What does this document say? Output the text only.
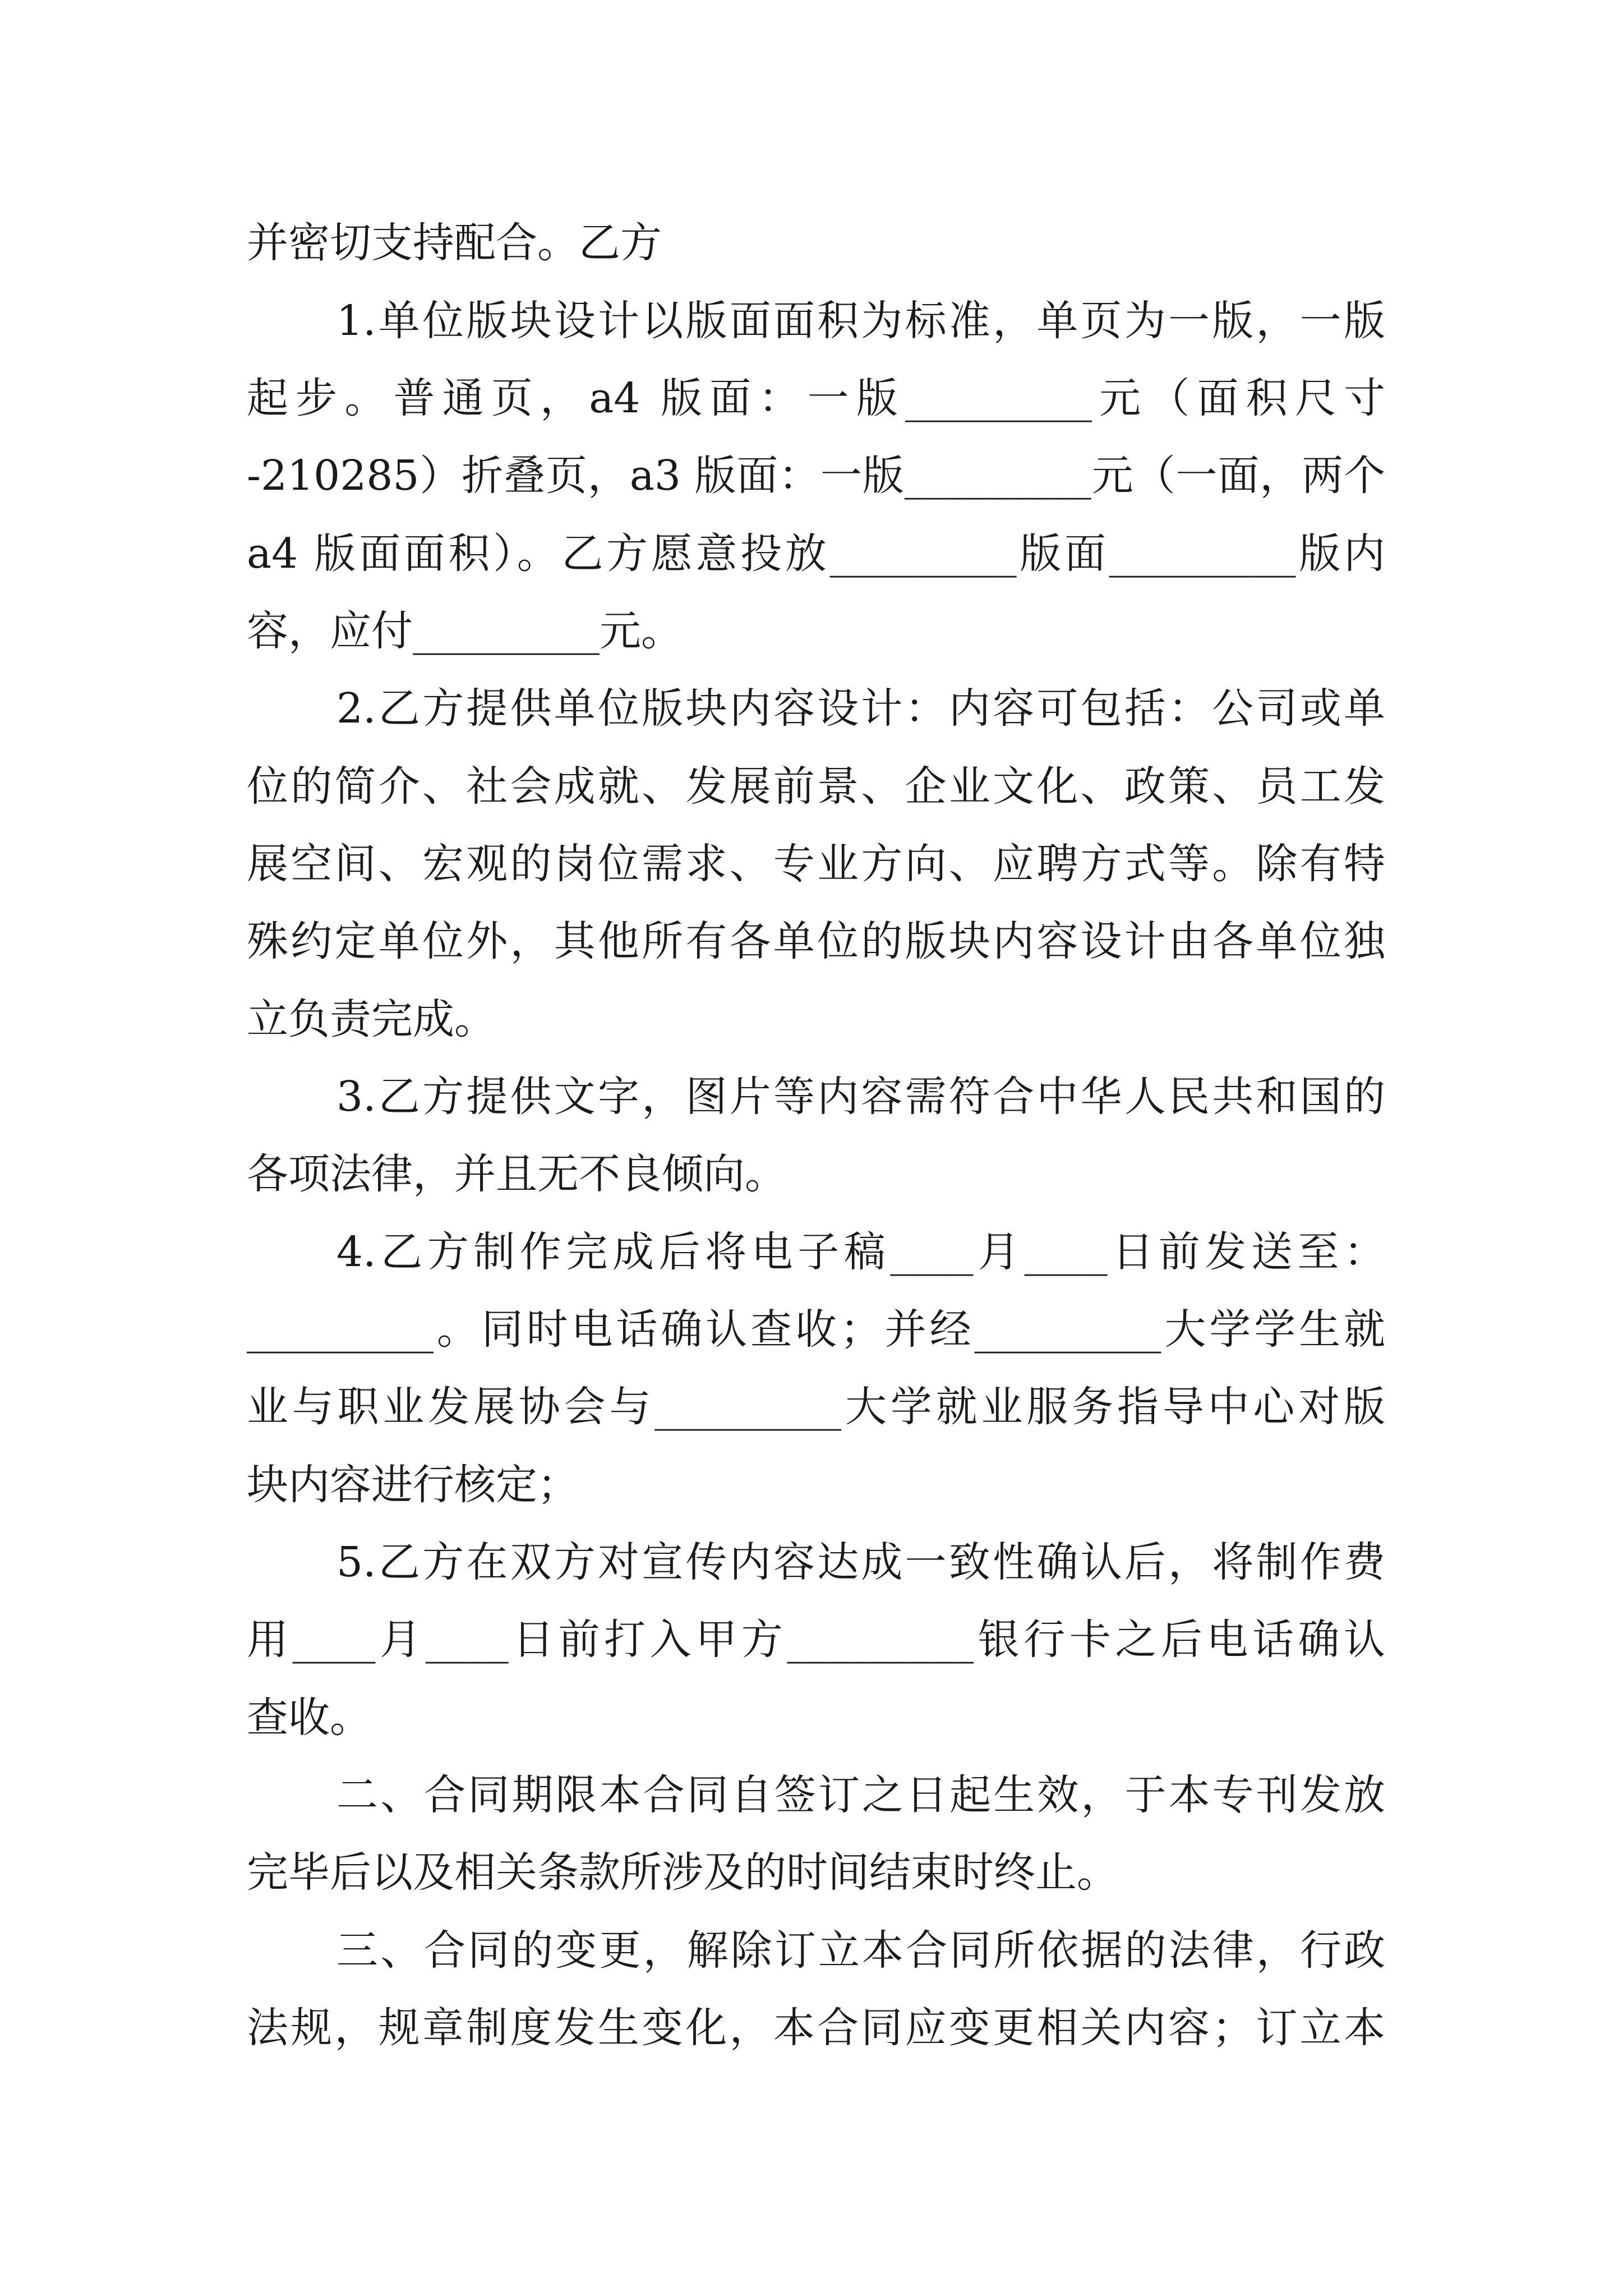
并密切支持配合。乙方
1.单位版块设计以版面面积为标准，单页为一版，一版
起步。普通页，a4 版面：一版_________元（面积尺寸
-210285）折叠页，a3 版面：一版_________元（一面，两个
a4 版面面积）。乙方愿意投放_________版面_________版内
容，应付_________元。
2.乙方提供单位版块内容设计：内容可包括：公司或单
位的简介、社会成就、发展前景、企业文化、政策、员工发
展空间、宏观的岗位需求、专业方向、应聘方式等。除有特
殊约定单位外，其他所有各单位的版块内容设计由各单位独
立负责完成。
3.乙方提供文字，图片等内容需符合中华人民共和国的
各项法律，并且无不良倾向。
4.乙方制作完成后将电子稿____月____日前发送至：
_________。同时电话确认查收；并经_________大学学生就
业与职业发展协会与_________大学就业服务指导中心对版
块内容进行核定；
5.乙方在双方对宣传内容达成一致性确认后，将制作费
用____月____日前打入甲方_________银行卡之后电话确认
查收。
二、合同期限本合同自签订之日起生效，于本专刊发放
完毕后以及相关条款所涉及的时间结束时终止。
三、合同的变更，解除订立本合同所依据的法律，行政
法规，规章制度发生变化，本合同应变更相关内容；订立本
